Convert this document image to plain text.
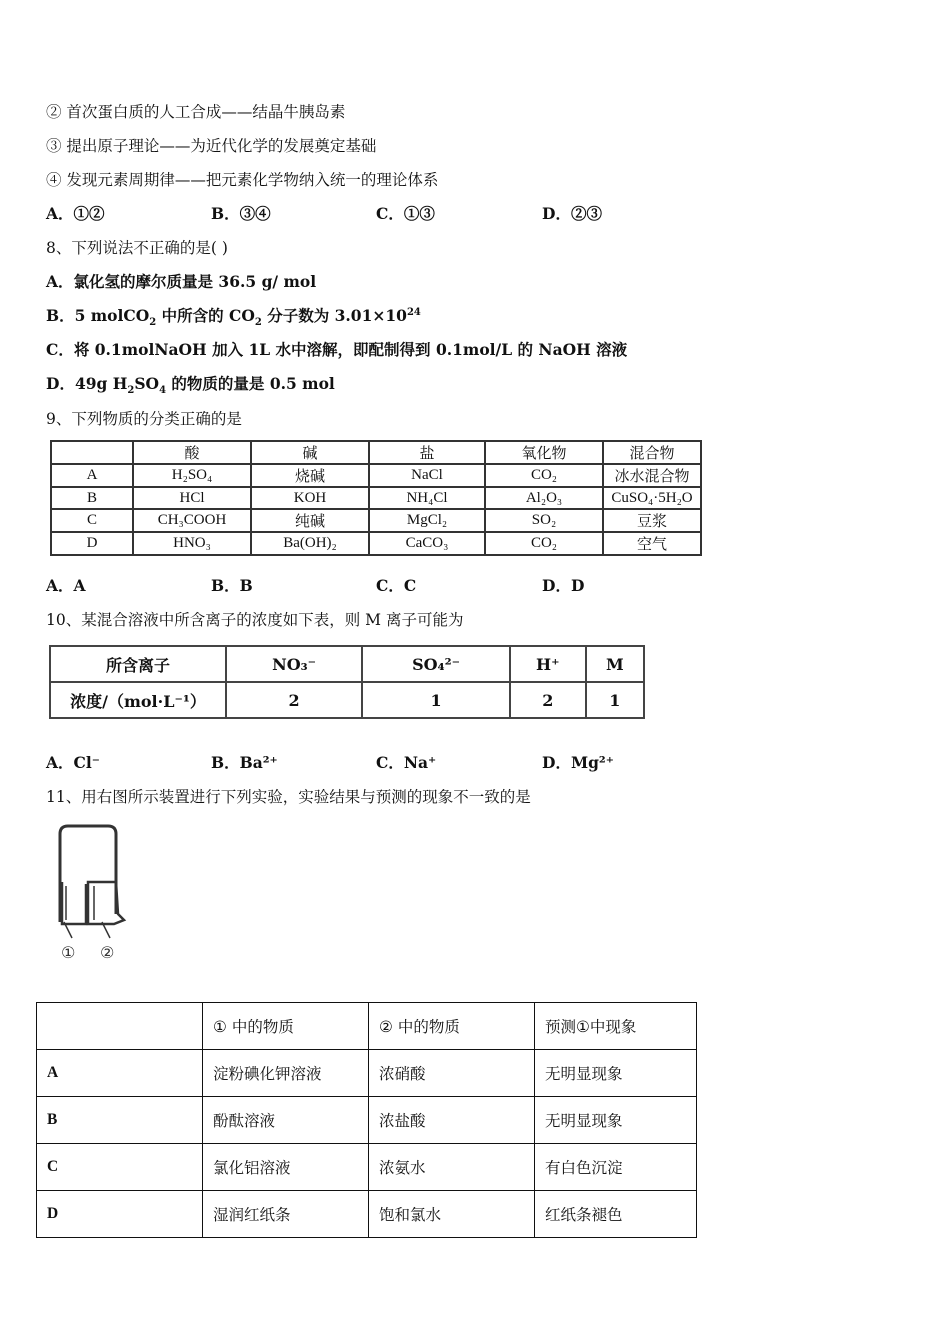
② 首次蛋白质的人工合成——结晶牛胰岛素
③ 提出原子理论——为近代化学的发展奠定基础
④ 发现元素周期律——把元素化学物纳入统一的理论体系
A．①②	B．③④	C．①③	D．②③
8、下列说法不正确的是( )
A．氯化氢的摩尔质量是 36.5 g/ mol
B．5 molCO$_2$ 中所含的 $CO_2$ 分子数为 $3.01\times 10^{24}$
C．将 0.1molNaOH 加入 1L 水中溶解，即配制得到 0.1mol/L 的 NaOH 溶液
D．49g $H_2SO_4$ 的物质的量是 0.5 mol
9、下列物质的分类正确的是
	酸	碱	盐	氧化物	混合物
A	H₂SO₄	烧碱	NaCl	CO₂	冰水混合物
B	HCl	KOH	NH₄Cl	Al₂O₃	CuSO₄·5H₂O
C	CH₃COOH	纯碱	MgCl₂	SO₂	豆浆
D	HNO₃	Ba(OH)₂	CaCO₃	CO₂	空气
A．A	B．B	C．C	D．D
10、某混合溶液中所含离子的浓度如下表，则 M 离子可能为
所含离子	NO₃⁻	SO₄²⁻	H⁺	M
浓度/（mol·L⁻¹）	2	1	2	1
A．Cl⁻	B．Ba²⁺	C．Na⁺	D．Mg²⁺
11、用右图所示装置进行下列实验，实验结果与预测的现象不一致的是
① ②
	① 中的物质	② 中的物质	预测①中现象
A	淀粉碘化钾溶液	浓硝酸	无明显现象
B	酚酞溶液	浓盐酸	无明显现象
C	氯化铝溶液	浓氨水	有白色沉淀
D	湿润红纸条	饱和氯水	红纸条褪色
